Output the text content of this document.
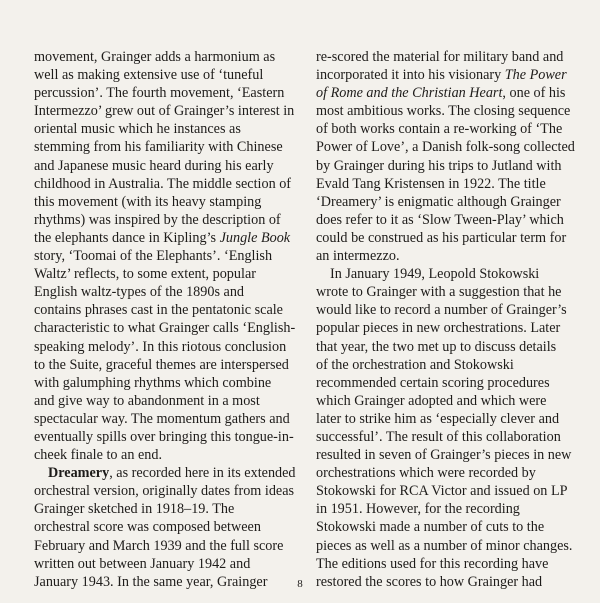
movement, Grainger adds a harmonium as
well as making extensive use of ‘tuneful
percussion’. The fourth movement, ‘Eastern
Intermezzo’ grew out of Grainger’s interest in
oriental music which he instances as
stemming from his familiarity with Chinese
and Japanese music heard during his early
childhood in Australia. The middle section of
this movement (with its heavy stamping
rhythms) was inspired by the description of
the elephants dance in Kipling’s Jungle Book
story, ‘Toomai of the Elephants’. ‘English
Waltz’ reflects, to some extent, popular
English waltz-types of the 1890s and
contains phrases cast in the pentatonic scale
characteristic to what Grainger calls ‘English-
speaking melody’. In this riotous conclusion
to the Suite, graceful themes are interspersed
with galumphing rhythms which combine
and give way to abandonment in a most
spectacular way. The momentum gathers and
eventually spills over bringing this tongue-in-
cheek finale to an end.
Dreamery, as recorded here in its extended
orchestral version, originally dates from ideas
Grainger sketched in 1918–19. The
orchestral score was composed between
February and March 1939 and the full score
written out between January 1942 and
January 1943. In the same year, Grainger
re-scored the material for military band and
incorporated it into his visionary The Power
of Rome and the Christian Heart, one of his
most ambitious works. The closing sequence
of both works contain a re-working of ‘The
Power of Love’, a Danish folk-song collected
by Grainger during his trips to Jutland with
Evald Tang Kristensen in 1922. The title
‘Dreamery’ is enigmatic although Grainger
does refer to it as ‘Slow Tween-Play’ which
could be construed as his particular term for
an intermezzo.
In January 1949, Leopold Stokowski
wrote to Grainger with a suggestion that he
would like to record a number of Grainger’s
popular pieces in new orchestrations. Later
that year, the two met up to discuss details
of the orchestration and Stokowski
recommended certain scoring procedures
which Grainger adopted and which were
later to strike him as ‘especially clever and
successful’. The result of this collaboration
resulted in seven of Grainger’s pieces in new
orchestrations which were recorded by
Stokowski for RCA Victor and issued on LP
in 1951. However, for the recording
Stokowski made a number of cuts to the
pieces as well as a number of minor changes.
The editions used for this recording have
restored the scores to how Grainger had
8
